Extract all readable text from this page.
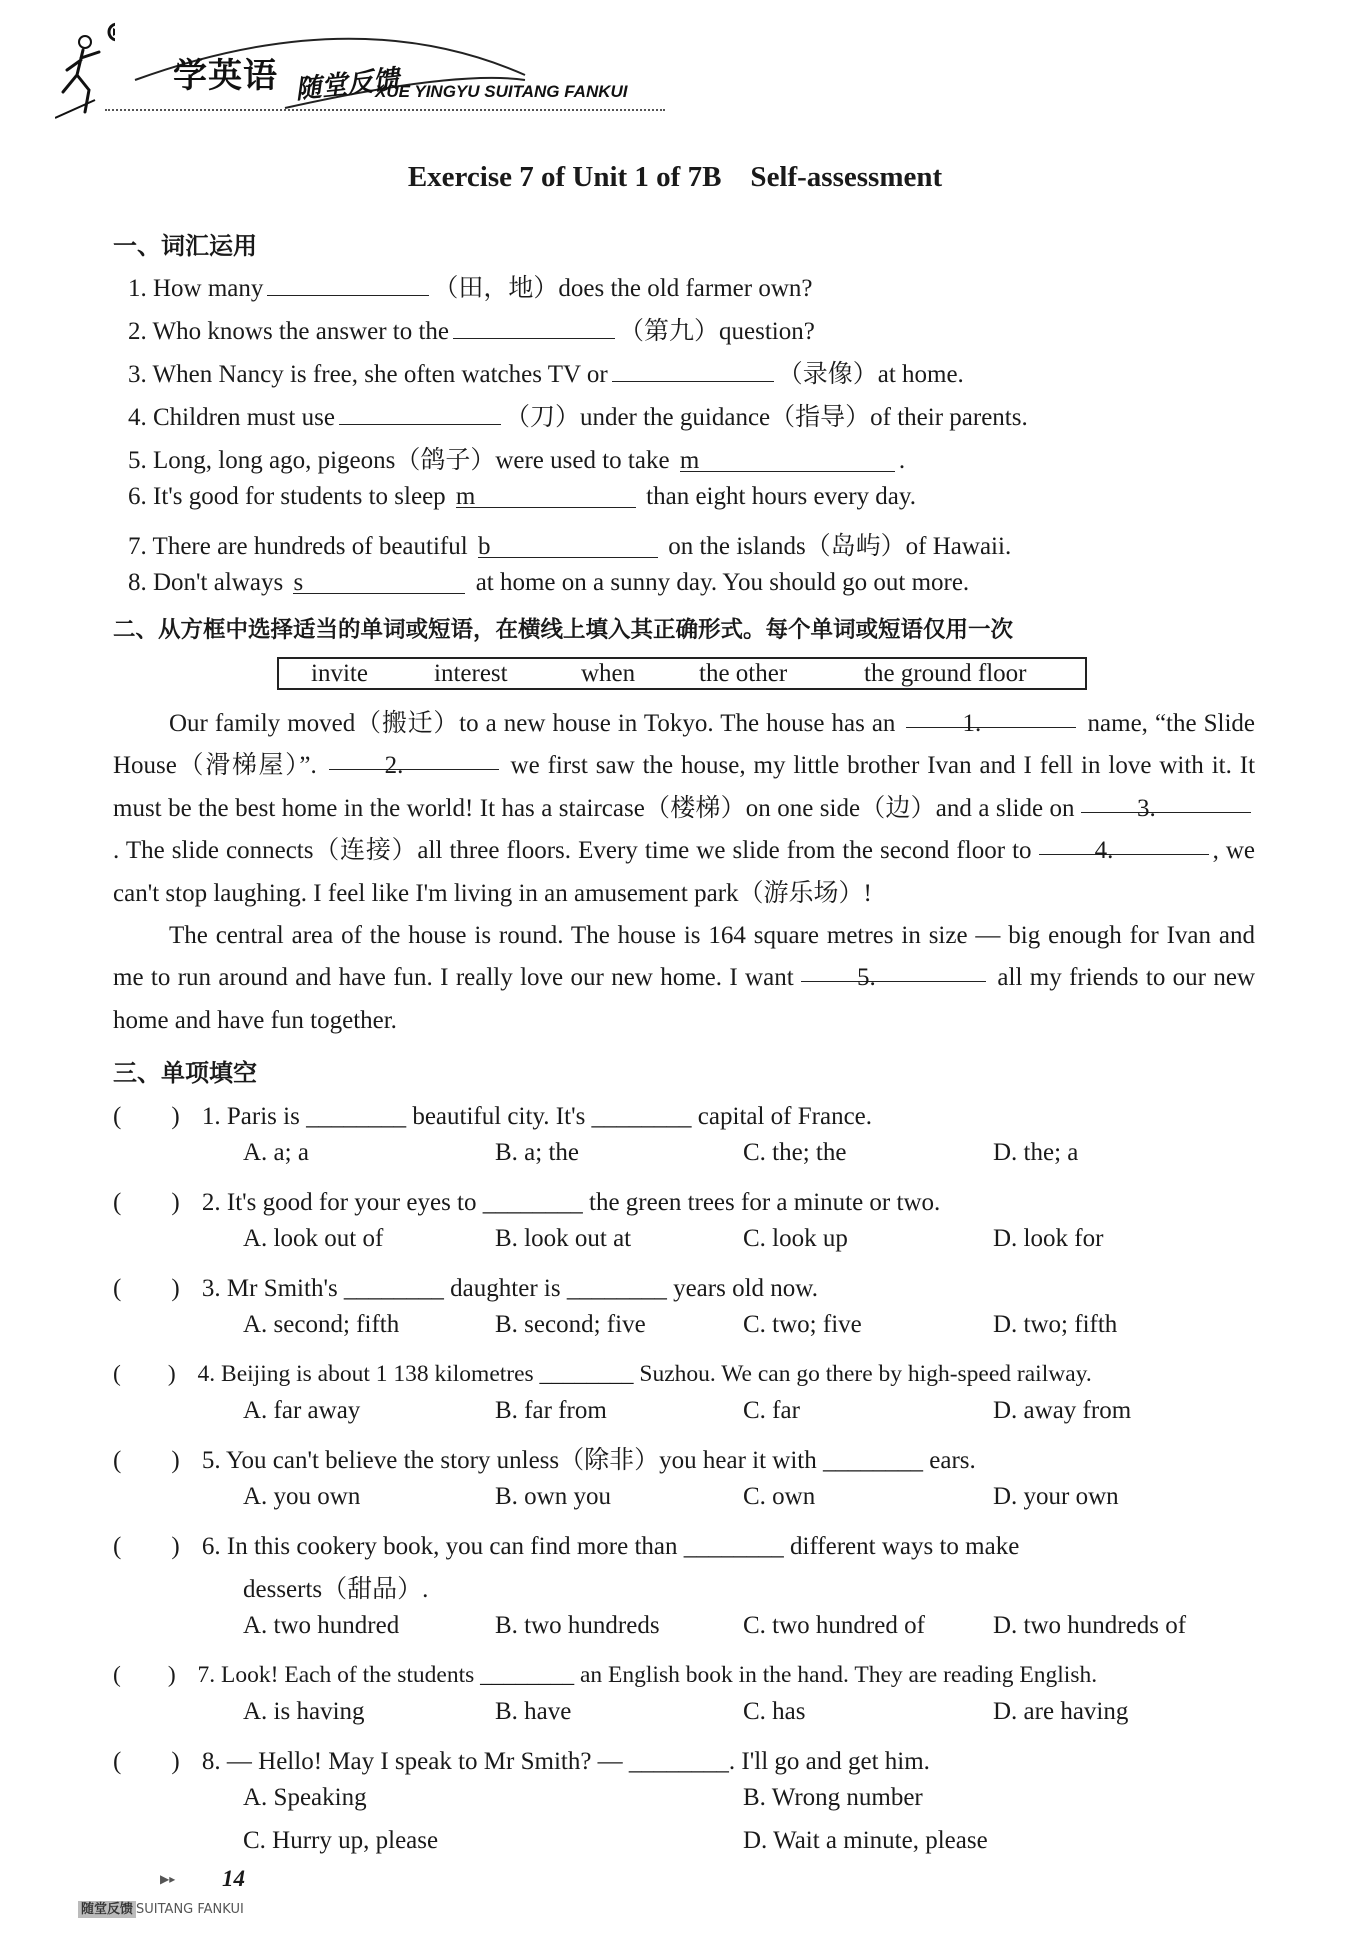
学英语 随堂反馈
XUE YINGYU SUITANG FANKUI
Exercise 7 of Unit 1 of 7B　Self-assessment
一、词汇运用
1. How many	（田，地）does the old farmer own?
2. Who knows the answer to the	（第九）question?
3. When Nancy is free, she often watches TV or	（录像）at home.
4. Children must use	（刀）under the guidance（指导）of their parents.
5. Long, long ago, pigeons（鸽子）were used to take m	.
6. It's good for students to sleep m	than eight hours every day.
7. There are hundreds of beautiful b	on the islands（岛屿）of Hawaii.
8. Don't always s	at home on a sunny day. You should go out more.
二、从方框中选择适当的单词或短语，在横线上填入其正确形式。每个单词或短语仅用一次
invite	interest	when	the other	the ground floor
Our family moved（搬迁）to a new house in Tokyo. The house has an	1.	name, “the Slide House（滑梯屋）”.	2.	we first saw the house, my little brother Ivan and I fell in love with it. It must be the best home in the world! It has a staircase（楼梯）on one side（边）and a slide on 3.. The slide connects（连接）all three floors. Every time we slide from the second floor to	4.	, we can't stop laughing. I feel like I'm living in an amusement park（游乐场）!
The central area of the house is round. The house is 164 square metres in size — big enough for Ivan and me to run around and have fun. I really love our new home. I want	5.	all my friends to our new home and have fun together.
三、单项填空
(　　) 1. Paris is ________ beautiful city. It's ________ capital of France.
A. a; a	B. a; the	C. the; the	D. the; a
(　　) 2. It's good for your eyes to ________ the green trees for a minute or two.
A. look out of	B. look out at	C. look up	D. look for
(　　) 3. Mr Smith's ________ daughter is ________ years old now.
A. second; fifth	B. second; five	C. two; five	D. two; fifth
(　　) 4. Beijing is about 1 138 kilometres ________ Suzhou. We can go there by high-speed railway.
A. far away	B. far from	C. far	D. away from
(　　) 5. You can't believe the story unless（除非）you hear it with ________ ears.
A. you own	B. own you	C. own	D. your own
(　　) 6. In this cookery book, you can find more than ________ different ways to make
desserts（甜品）.
A. two hundred	B. two hundreds	C. two hundred of	D. two hundreds of
(　　) 7. Look! Each of the students ________ an English book in the hand. They are reading English.
A. is having	B. have	C. has	D. are having
(　　) 8. — Hello! May I speak to Mr Smith? — ________. I'll go and get him.
A. Speaking	B. Wrong number
C. Hurry up, please	D. Wait a minute, please
▶▸ 14
随堂反馈 SUITANG FANKUI
